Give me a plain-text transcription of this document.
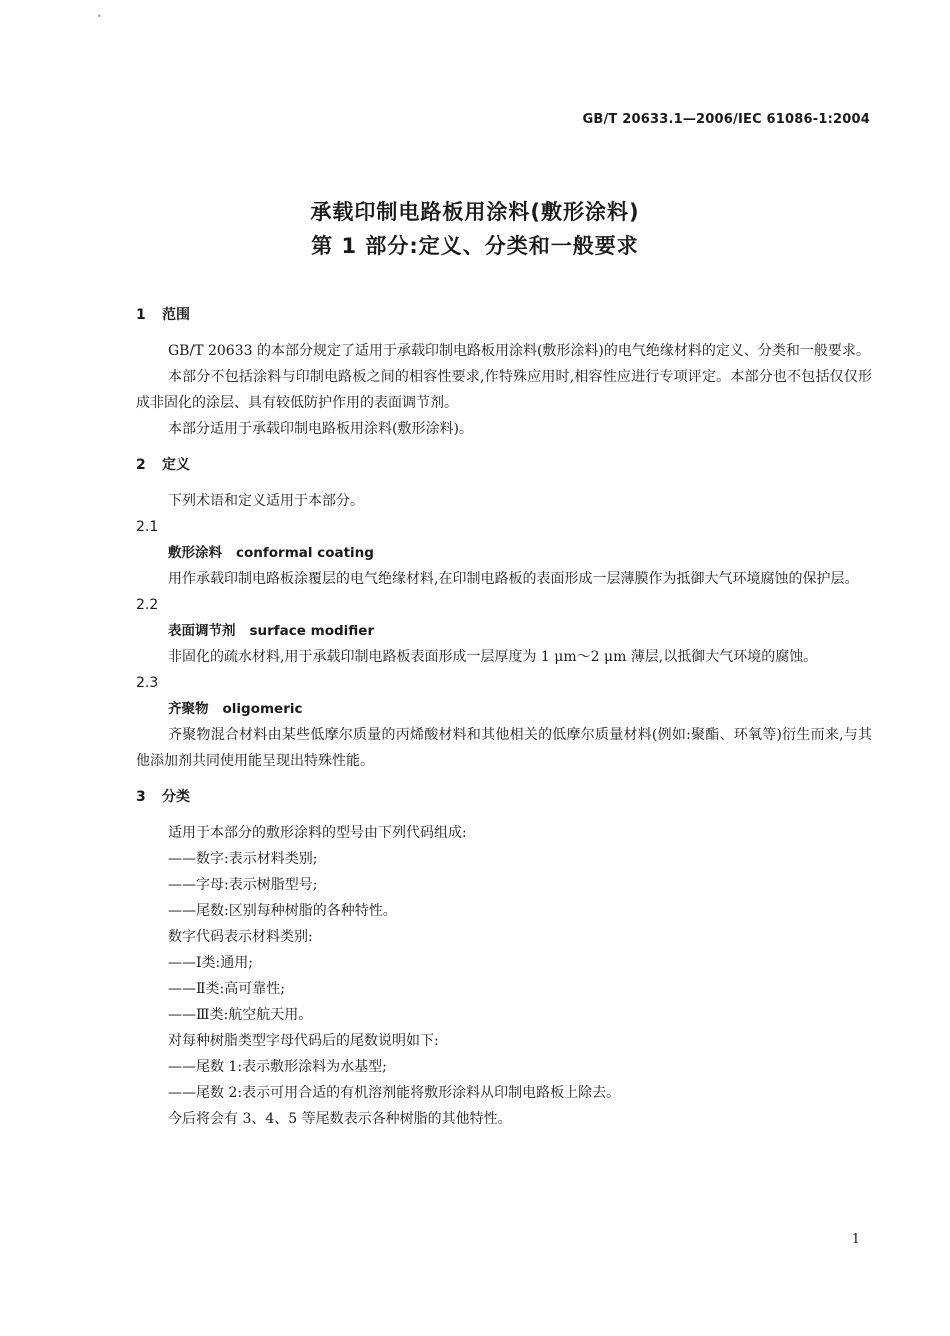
•
GB/T 20633.1—2006/IEC 61086-1:2004
承载印制电路板用涂料(敷形涂料)
第 1 部分:定义、分类和一般要求
1 范围
GB/T 20633 的本部分规定了适用于承载印制电路板用涂料(敷形涂料)的电气绝缘材料的定义、分类和一般要求。
本部分不包括涂料与印制电路板之间的相容性要求,作特殊应用时,相容性应进行专项评定。本部分也不包括仅仅形成非固化的涂层、具有较低防护作用的表面调节剂。
本部分适用于承载印制电路板用涂料(敷形涂料)。
2 定义
下列术语和定义适用于本部分。
2.1
敷形涂料 conformal coating
用作承载印制电路板涂覆层的电气绝缘材料,在印制电路板的表面形成一层薄膜作为抵御大气环境腐蚀的保护层。
2.2
表面调节剂 surface modifier
非固化的疏水材料,用于承载印制电路板表面形成一层厚度为 1 μm～2 μm 薄层,以抵御大气环境的腐蚀。
2.3
齐聚物 oligomeric
齐聚物混合材料由某些低摩尔质量的丙烯酸材料和其他相关的低摩尔质量材料(例如:聚酯、环氧等)衍生而来,与其他添加剂共同使用能呈现出特殊性能。
3 分类
适用于本部分的敷形涂料的型号由下列代码组成:
——数字:表示材料类别;
——字母:表示树脂型号;
——尾数:区别每种树脂的各种特性。
数字代码表示材料类别:
——Ⅰ类:通用;
——Ⅱ类:高可靠性;
——Ⅲ类:航空航天用。
对每种树脂类型字母代码后的尾数说明如下:
——尾数 1:表示敷形涂料为水基型;
——尾数 2:表示可用合适的有机溶剂能将敷形涂料从印制电路板上除去。
今后将会有 3、4、5 等尾数表示各种树脂的其他特性。
1
